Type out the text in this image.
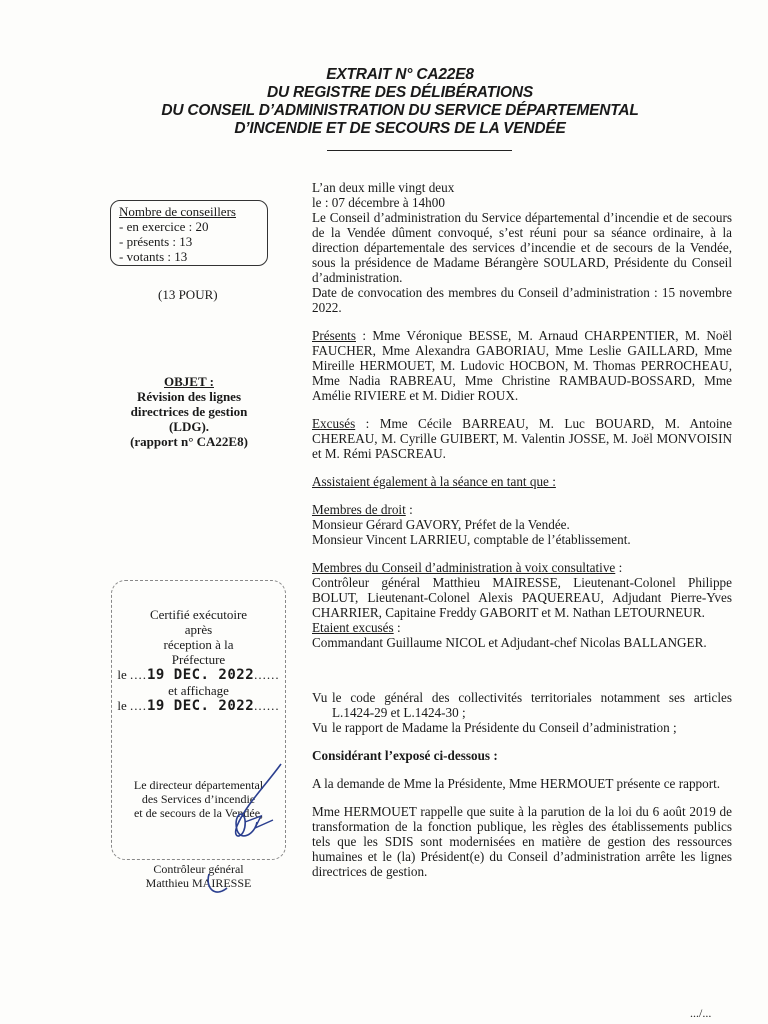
EXTRAIT N° CA22E8
DU REGISTRE DES DÉLIBÉRATIONS
DU CONSEIL D’ADMINISTRATION DU SERVICE DÉPARTEMENTAL
D’INCENDIE ET DE SECOURS DE LA VENDÉE
Nombre de conseillers
- en exercice : 20
- présents : 13
- votants : 13
(13 POUR)
OBJET :
Révision des lignes
directrices de gestion
(LDG).
(rapport n° CA22E8)
Certifié exécutoire
après
réception à la
Préfecture
le ....19 DEC. 2022......
et affichage
le ....19 DEC. 2022......
Le directeur départemental
des Services d’incendie
et de secours de la Vendée,
Contrôleur général
Matthieu MAIRESSE

L’an deux mille vingt deux

le : 07 décembre à 14h00

Le Conseil d’administration du Service départemental d’incendie et de secours de la Vendée dûment convoqué, s’est réuni pour sa séance ordinaire, à la direction départementale des services d’incendie et de secours de la Vendée, sous la présidence de Madame Bérangère SOULARD, Présidente du Conseil d’administration.

Date de convocation des membres du Conseil d’administration : 15 novembre 2022.

Présents : Mme Véronique BESSE, M. Arnaud CHARPENTIER, M. Noël FAUCHER, Mme Alexandra GABORIAU, Mme Leslie GAILLARD, Mme Mireille HERMOUET, M. Ludovic HOCBON, M. Thomas PERROCHEAU, Mme Nadia RABREAU, Mme Christine RAMBAUD-BOSSARD, Mme Amélie RIVIERE et M. Didier ROUX.

Excusés : Mme Cécile BARREAU, M. Luc BOUARD, M. Antoine CHEREAU, M. Cyrille GUIBERT, M. Valentin JOSSE, M. Joël MONVOISIN et M. Rémi PASCREAU.

Assistaient également à la séance en tant que :

Membres de droit :

Monsieur Gérard GAVORY, Préfet de la Vendée.

Monsieur Vincent LARRIEU, comptable de l’établissement.

Membres du Conseil d’administration à voix consultative :

Contrôleur général Matthieu MAIRESSE, Lieutenant-Colonel Philippe BOLUT, Lieutenant-Colonel Alexis PAQUEREAU, Adjudant Pierre-Yves CHARRIER, Capitaine Freddy GABORIT et M. Nathan LETOURNEUR.

Etaient excusés :

Commandant Guillaume NICOL et Adjudant-chef Nicolas BALLANGER.

Vu le code général des collectivités territoriales notamment ses articles L.1424-29 et L.1424-30 ;
Vu le rapport de Madame la Présidente du Conseil d’administration ;

Considérant l’exposé ci-dessous :

A la demande de Mme la Présidente, Mme HERMOUET présente ce rapport.

Mme HERMOUET rappelle que suite à la parution de la loi du 6 août 2019 de transformation de la fonction publique, les règles des établissements publics tels que les SDIS sont modernisées en matière de gestion des ressources humaines et le (la) Président(e) du Conseil d’administration arrête les lignes directrices de gestion.

.../...
